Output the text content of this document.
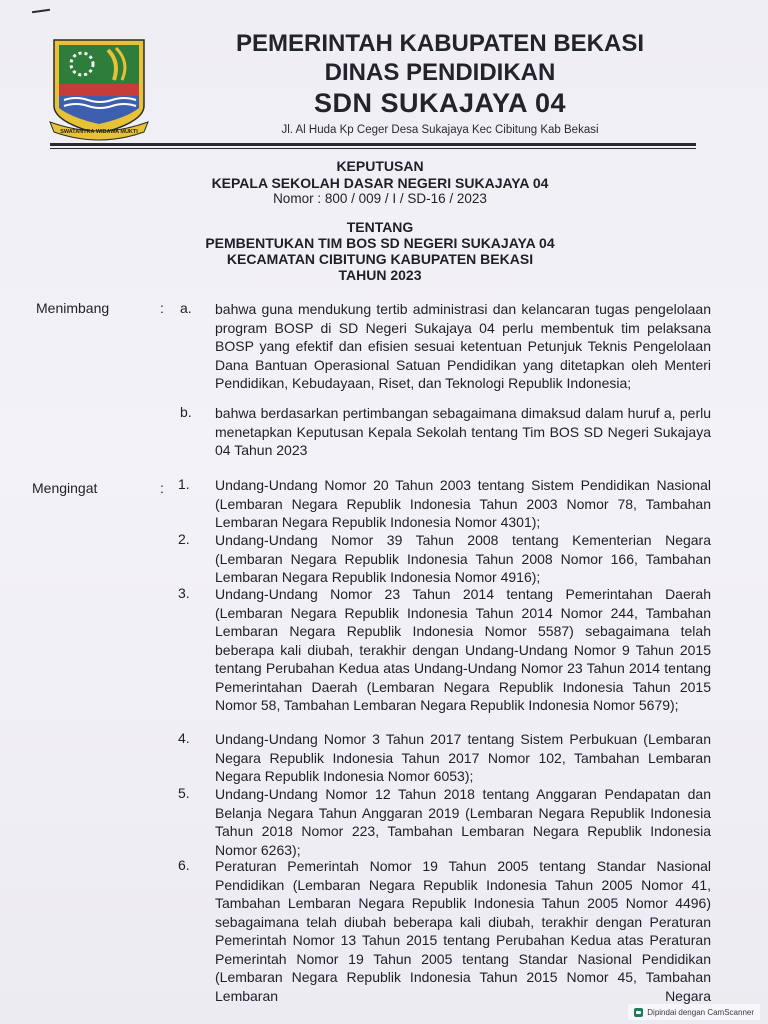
SWATANTRA WIBAWA MUKTI
PEMERINTAH KABUPATEN BEKASI
DINAS PENDIDIKAN
SDN SUKAJAYA 04
Jl. Al Huda Kp Ceger Desa Sukajaya Kec Cibitung Kab Bekasi
KEPUTUSAN
KEPALA SEKOLAH DASAR NEGERI SUKAJAYA 04
Nomor : 800 / 009 / I / SD-16 / 2023
TENTANG
PEMBENTUKAN TIM BOS SD NEGERI SUKAJAYA 04
KECAMATAN CIBITUNG KABUPATEN BEKASI
TAHUN 2023
Menimbang	: a. bahwa guna mendukung tertib administrasi dan kelancaran tugas pengelolaan program BOSP di SD Negeri Sukajaya 04 perlu membentuk tim pelaksana BOSP yang efektif dan efisien sesuai ketentuan Petunjuk Teknis Pengelolaan Dana Bantuan Operasional Satuan Pendidikan yang ditetapkan oleh Menteri Pendidikan, Kebudayaan, Riset, dan Teknologi Republik Indonesia;
b. bahwa berdasarkan pertimbangan sebagaimana dimaksud dalam huruf a, perlu menetapkan Keputusan Kepala Sekolah tentang Tim BOS SD Negeri Sukajaya 04 Tahun 2023
Mengingat	: 1. Undang-Undang Nomor 20 Tahun 2003 tentang Sistem Pendidikan Nasional (Lembaran Negara Republik Indonesia Tahun 2003 Nomor 78, Tambahan Lembaran Negara Republik Indonesia Nomor 4301);
2. Undang-Undang Nomor 39 Tahun 2008 tentang Kementerian Negara (Lembaran Negara Republik Indonesia Tahun 2008 Nomor 166, Tambahan Lembaran Negara Republik Indonesia Nomor 4916);
3. Undang-Undang Nomor 23 Tahun 2014 tentang Pemerintahan Daerah (Lembaran Negara Republik Indonesia Tahun 2014 Nomor 244, Tambahan Lembaran Negara Republik Indonesia Nomor 5587) sebagaimana telah beberapa kali diubah, terakhir dengan Undang-Undang Nomor 9 Tahun 2015 tentang Perubahan Kedua atas Undang-Undang Nomor 23 Tahun 2014 tentang Pemerintahan Daerah (Lembaran Negara Republik Indonesia Tahun 2015 Nomor 58, Tambahan Lembaran Negara Republik Indonesia Nomor 5679);
4. Undang-Undang Nomor 3 Tahun 2017 tentang Sistem Perbukuan (Lembaran Negara Republik Indonesia Tahun 2017 Nomor 102, Tambahan Lembaran Negara Republik Indonesia Nomor 6053);
5. Undang-Undang Nomor 12 Tahun 2018 tentang Anggaran Pendapatan dan Belanja Negara Tahun Anggaran 2019 (Lembaran Negara Republik Indonesia Tahun 2018 Nomor 223, Tambahan Lembaran Negara Republik Indonesia Nomor 6263);
6. Peraturan Pemerintah Nomor 19 Tahun 2005 tentang Standar Nasional Pendidikan (Lembaran Negara Republik Indonesia Tahun 2005 Nomor 41, Tambahan Lembaran Negara Republik Indonesia Tahun 2005 Nomor 4496) sebagaimana telah diubah beberapa kali diubah, terakhir dengan Peraturan Pemerintah Nomor 13 Tahun 2015 tentang Perubahan Kedua atas Peraturan Pemerintah Nomor 19 Tahun 2005 tentang Standar Nasional Pendidikan (Lembaran Negara Republik Indonesia Tahun 2015 Nomor 45, Tambahan Lembaran Negara
Dipindai dengan CamScanner
